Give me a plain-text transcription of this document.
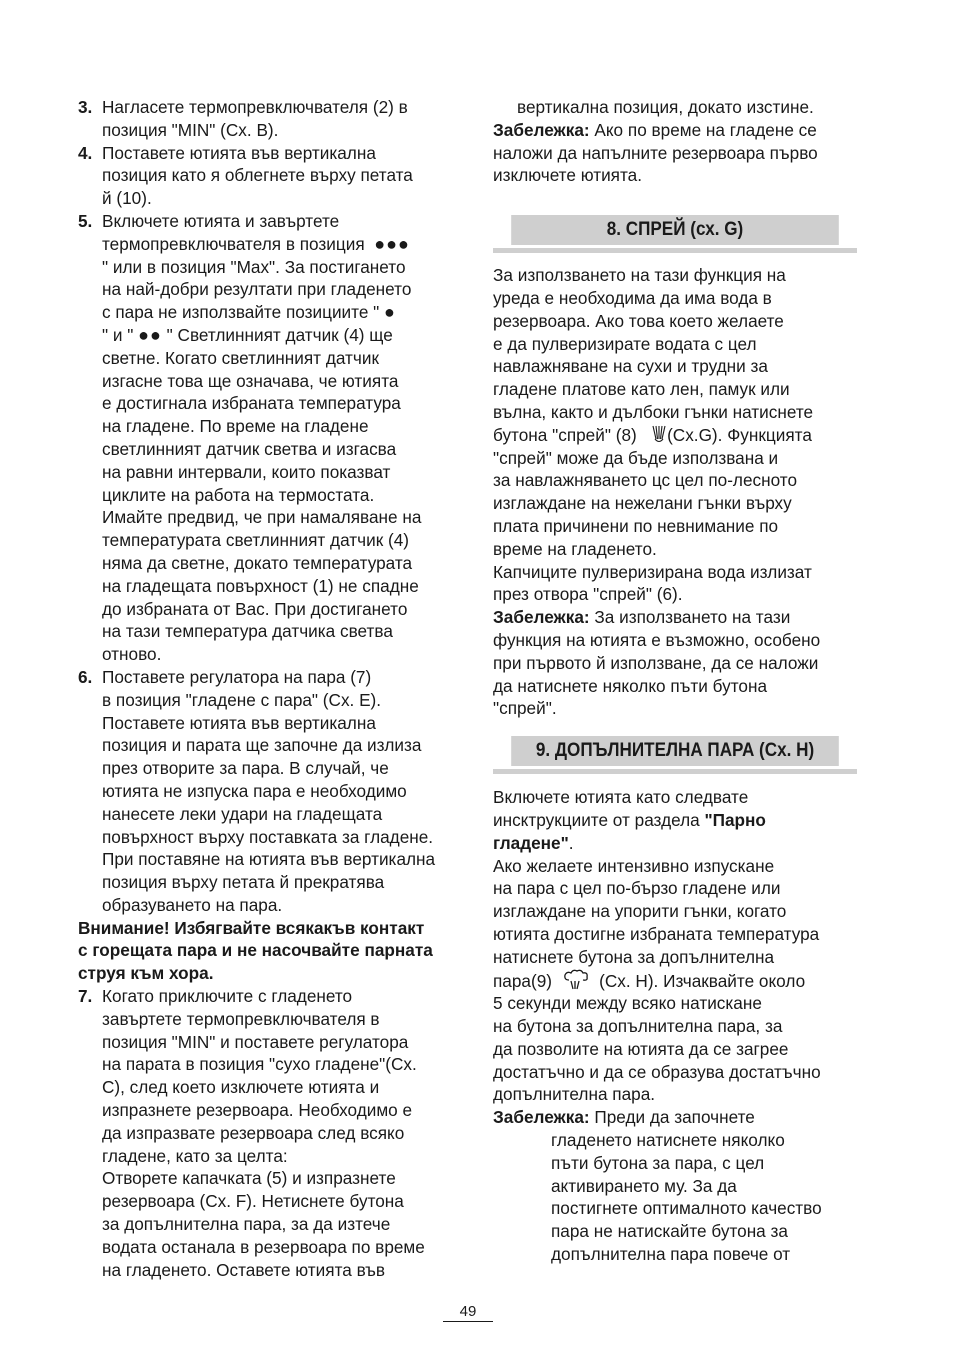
3. Нагласете термопревключвателя (2) в
позиция "MIN" (Сх. B).
4. Поставете ютията във вертикална
позиция като я облегнете върху петата
й (10).
5. Включете ютията и завъртете
термопревключвателя в позиция ●●●
" или в позиция "Max". За постигането
на най-добри резултати при гладенето
с пара не използвайте позициите " ●
" и " ●● " Светлинният датчик (4) ще
светне. Когато светлинният датчик
изгасне това ще означава, че ютията
е достигнала избраната температура
на гладене. По време на гладене
светлинният датчик светва и изгасва
на равни интервали, които показват
циклите на работа на термостата.
Имайте предвид, че при намаляване на
температурата светлинният датчик (4)
няма да светне, докато температурата
на гладещата повърхност (1) не спадне
до избраната от Вас. При достигането
на тази температура датчика светва
отново.
6. Поставете регулатора на пара (7)
в позиция "гладене с пара" (Сх. Е).
Поставете ютията във вертикална
позиция и парата ще започне да излиза
през отворите за пара. В случай, че
ютията не изпуска пара е необходимо
нанесете леки удари на гладещата
повърхност върху поставката за гладене.
При поставяне на ютията във вертикална
позиция върху петата й прекратява
образуването на пара.
Внимание! Избягвайте всякакъв контакт
с горещата пара и не насочвайте парната
струя към хора.
7. Когато приключите с гладенето
завъртете термопревключвателя в
позиция "MIN" и поставете регулатора
на парата в позиция "сухо гладене"(Сх.
С), след което изключете ютията и
изпразнете резервоара. Необходимо е
да изпразвате резервоара след всяко
гладене, като за целта:
Отворете капачката (5) и изпразнете
резервоара (Сх. F). Нетиснете бутона
за допълнителна пара, за да изтече
водата останала в резервоара по време
на гладенето. Оставете ютията във
вертикална позиция, докато изстине.
Забележка: Ако по време на гладене се
наложи да напълните резервоара първо
изключете ютията.
8. СПРЕЙ (сх. G)
За използването на тази функция на
уреда е необходима да има вода в
резервоара. Ако това което желаете
е да пулверизирате водата с цел
навлажняване на сухи и трудни за
гладене платове като лен, памук или
вълна, както и дълбоки гънки натиснете
бутона "спрей" (8) (Сх.G). Функцията
"спрей" може да бъде използвана и
за навлажняването цс цел по-лесното
изглаждане на нежелани гънки върху
плата причинени по невнимание по
време на гладенето.
Капчиците пулверизирана вода излизат
през отвора "спрей" (6).
Забележка: За използването на тази
функция на ютията е възможно, особено
при първото й използване, да се наложи
да натиснете няколко пъти бутона
"спрей".
9. ДОПЪЛНИТЕЛНА ПАРА (Сх. H)
Включете ютията като следвате
инсктрукциите от раздела "Парно
гладене".
Ако желаете интензивно изпускане
на пара с цел по-бързо гладене или
изглаждане на упорити гънки, когато
ютията достигне избраната температура
натиснете бутона за допълнителна
пара(9)	(Сх. H). Изчаквайте около
5 секунди между всяко натискане
на бутона за допълнителна пара, за
да позволите на ютията да се загрее
достатъчно и да се образува достатъчно
допълнителна пара.
Забележка: Преди да започнете
гладенето натиснете няколко
пъти бутона за пара, с цел
активирането му. За да
постигнете оптималното качество
пара не натискайте бутона за
допълнителна пара повече от
49
